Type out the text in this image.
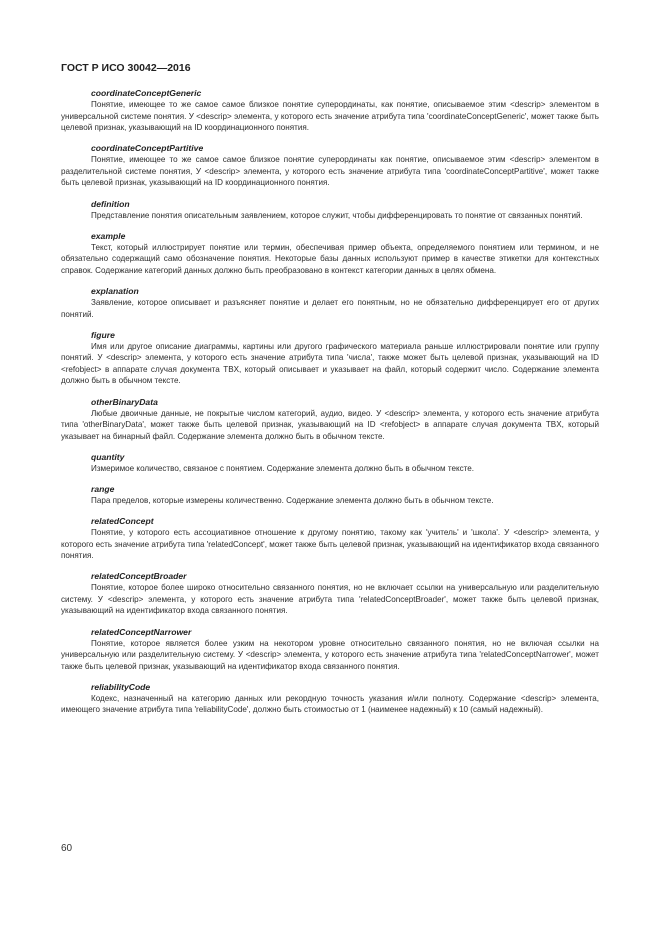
ГОСТ Р ИСО 30042—2016
coordinateConceptGeneric
Понятие, имеющее то же самое самое близкое понятие суперординаты, как понятие, описываемое этим <descrip> элементом в универсальной системе понятия. У <descrip> элемента, у которого есть значение атрибута типа 'coordinateConceptGeneric', может также быть целевой признак, указывающий на ID координационного понятия.
coordinateConceptPartitive
Понятие, имеющее то же самое самое близкое понятие суперординаты как понятие, описываемое этим <descrip> элементом в разделительной системе понятия, У <descrip> элемента, у которого есть значение атрибута типа 'coordinateConceptPartitive', может также быть целевой признак, указывающий на ID координационного понятия.
definition
Представление понятия описательным заявлением, которое служит, чтобы дифференцировать то понятие от связанных понятий.
example
Текст, который иллюстрирует понятие или термин, обеспечивая пример объекта, определяемого понятием или термином, и не обязательно содержащий само обозначение понятия. Некоторые базы данных используют пример в качестве этикетки для контекстных справок. Содержание категорий данных должно быть преобразовано в контекст категории данных в целях обмена.
explanation
Заявление, которое описывает и разъясняет понятие и делает его понятным, но не обязательно дифференцирует его от других понятий.
figure
Имя или другое описание диаграммы, картины или другого графического материала раньше иллюстрировали понятие или группу понятий. У <descrip> элемента, у которого есть значение атрибута типа 'числа', также может быть целевой признак, указывающий на ID <refobject> в аппарате случая документа TBX, который описывает и указывает на файл, который содержит число. Содержание элемента должно быть в обычном тексте.
otherBinaryData
Любые двоичные данные, не покрытые числом категорий, аудио, видео. У <descrip> элемента, у которого есть значение атрибута типа 'otherBinaryData', может также быть целевой признак, указывающий на ID <refobject> в аппарате случая документа TBX, который указывает на бинарный файл. Содержание элемента должно быть в обычном тексте.
quantity
Измеримое количество, связаное с понятием. Содержание элемента должно быть в обычном тексте.
range
Пара пределов, которые измерены количественно. Содержание элемента должно быть в обычном тексте.
relatedConcept
Понятие, у которого есть ассоциативное отношение к другому понятию, такому как 'учитель' и 'школа'. У <descrip> элемента, у которого есть значение атрибута типа 'relatedConcept', может также быть целевой признак, указывающий на идентификатор входа связанного понятия.
relatedConceptBroader
Понятие, которое более широко относительно связанного понятия, но не включает ссылки на универсальную или разделительную систему. У <descrip> элемента, у которого есть значение атрибута типа 'relatedConceptBroader', может также быть целевой признак, указывающий на идентификатор входа связанного понятия.
relatedConceptNarrower
Понятие, которое является более узким на некотором уровне относительно связанного понятия, но не включая ссылки на универсальную или разделительную систему. У <descrip> элемента, у которого есть значение атрибута типа 'relatedConceptNarrower', может также быть целевой признак, указывающий на идентификатор входа связанного понятия.
reliabilityCode
Кодекс, назначенный на категорию данных или рекордную точность указания и/или полноту. Содержание <descrip> элемента, имеющего значение атрибута типа 'reliabilityCode', должно быть стоимостью от 1 (наименее надежный) к 10 (самый надежный).
60
